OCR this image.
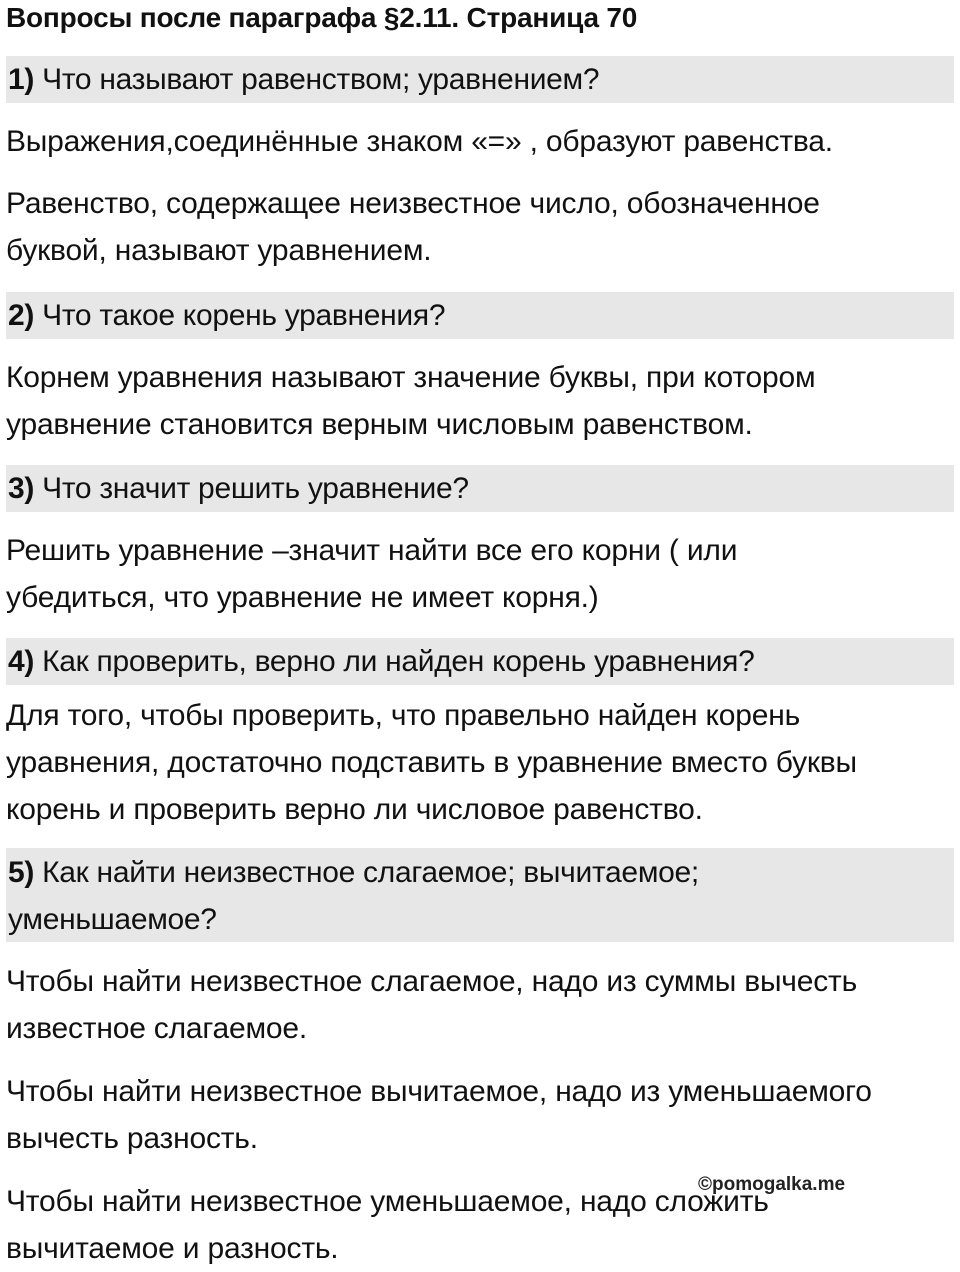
Вопросы после параграфа §2.11. Страница 70
1) Что называют равенством; уравнением?

Выражения,соединённые знаком «=» , образуют равенства.

Равенство, содержащее неизвестное число, обозначенное буквой, называют уравнением.

2) Что такое корень уравнения?

Корнем уравнения называют значение буквы, при котором уравнение становится верным числовым равенством.

3) Что значит решить уравнение?

Решить уравнение –значит найти все его корни ( или убедиться, что уравнение не имеет корня.)

4) Как проверить, верно ли найден корень уравнения?

Для того, чтобы проверить, что правельно найден корень уравнения, достаточно подставить в уравнение вместо буквы корень и проверить верно ли числовое равенство.

5) Как найти неизвестное слагаемое; вычитаемое; уменьшаемое?

Чтобы найти неизвестное слагаемое, надо из суммы вычесть известное слагаемое.

Чтобы найти неизвестное вычитаемое, надо из уменьшаемого вычесть разность.

Чтобы найти неизвестное уменьшаемое, надо сложить вычитаемое и разность.

©pomogalka.me
